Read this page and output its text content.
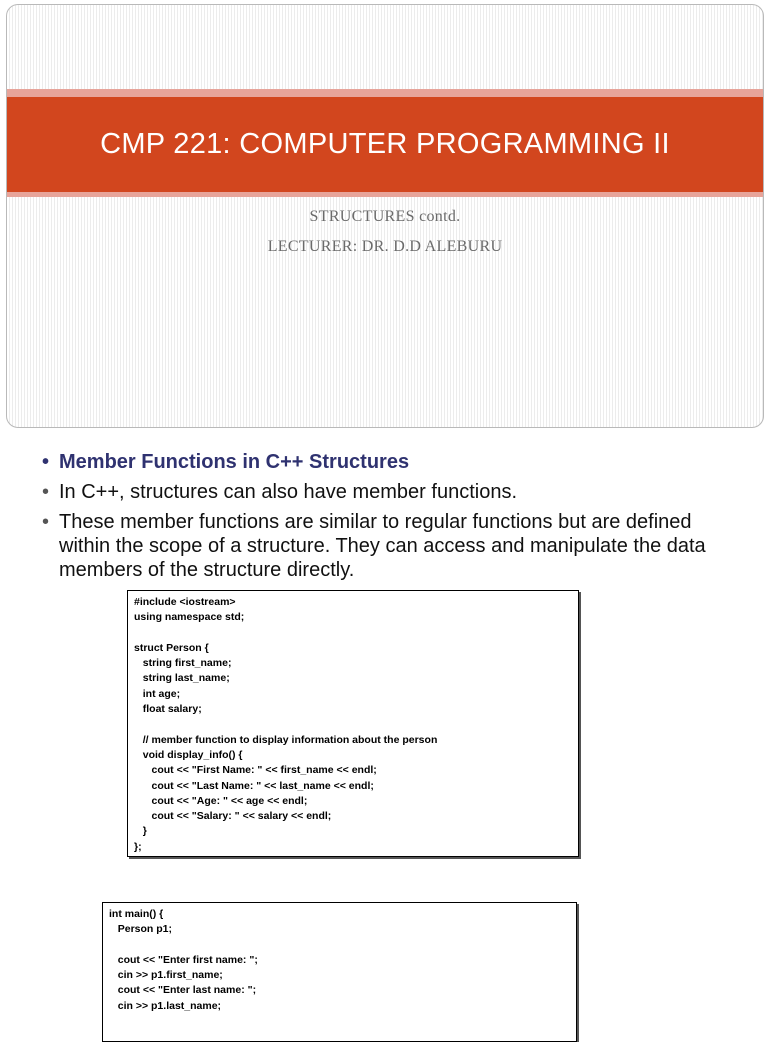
CMP 221: COMPUTER PROGRAMMING II
STRUCTURES contd.
LECTURER: DR. D.D ALEBURU
• Member Functions in C++ Structures
• In C++, structures can also have member functions.
• These member functions are similar to regular functions but are defined within the scope of a structure. They can access and manipulate the data members of the structure directly.
#include <iostream>
using namespace std;
struct Person {
string first_name;
string last_name;
int age;
float salary;
// member function to display information about the person
void display_info() {
cout << "First Name: " << first_name << endl;
cout << "Last Name: " << last_name << endl;
cout << "Age: " << age << endl;
cout << "Salary: " << salary << endl;
}
};
int main() {
Person p1;
cout << "Enter first name: ";
cin >> p1.first_name;
cout << "Enter last name: ";
cin >> p1.last_name;
